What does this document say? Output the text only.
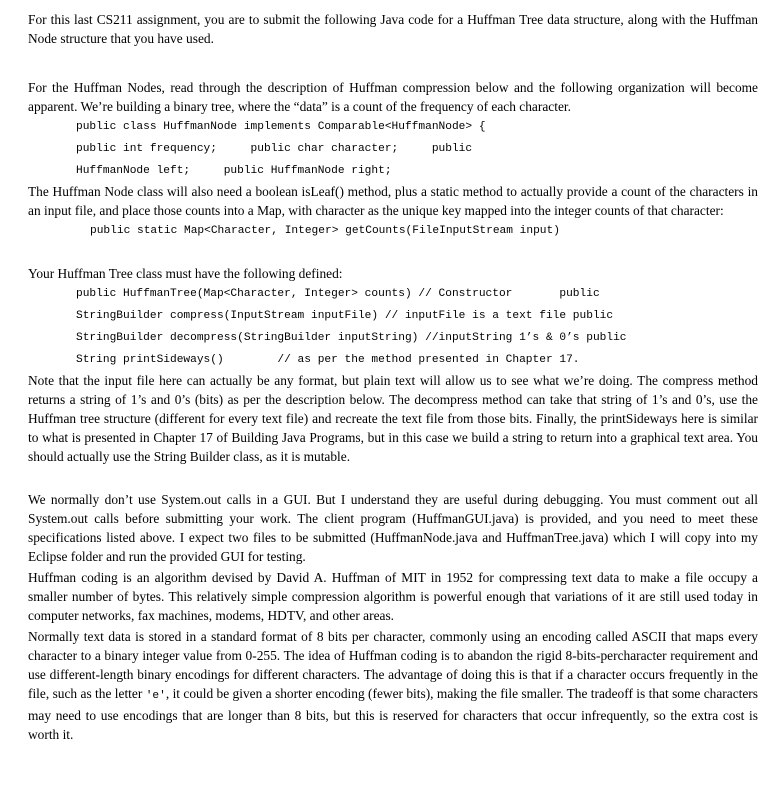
For this last CS211 assignment, you are to submit the following Java code for a Huffman Tree data structure, along with the Huffman Node structure that you have used.

For the Huffman Nodes, read through the description of Huffman compression below and the following organization will become apparent. We’re building a binary tree, where the “data” is a count of the frequency of each character.

public class HuffmanNode implements Comparable<HuffmanNode> {
public int frequency;     public char character;     public
HuffmanNode left;     public HuffmanNode right;

The Huffman Node class will also need a boolean isLeaf() method, plus a static method to actually provide a count of the characters in an input file, and place those counts into a Map, with character as the unique key mapped into the integer counts of that character:

public static Map<Character, Integer> getCounts(FileInputStream input)

Your Huffman Tree class must have the following defined:

public HuffmanTree(Map<Character, Integer> counts) // Constructor       public
StringBuilder compress(InputStream inputFile) // inputFile is a text file public
StringBuilder decompress(StringBuilder inputString) //inputString 1’s & 0’s public
String printSideways()        // as per the method presented in Chapter 17.

Note that the input file here can actually be any format, but plain text will allow us to see what we’re doing. The compress method returns a string of 1’s and 0’s (bits) as per the description below. The decompress method can take that string of 1’s and 0’s, use the Huffman tree structure (different for every text file) and recreate the text file from those bits. Finally, the printSideways here is similar to what is presented in Chapter 17 of Building Java Programs, but in this case we build a string to return into a graphical text area. You should actually use the String Builder class, as it is mutable.

We normally don’t use System.out calls in a GUI. But I understand they are useful during debugging. You must comment out all System.out calls before submitting your work. The client program (HuffmanGUI.java) is provided, and you need to meet these specifications listed above. I expect two files to be submitted (HuffmanNode.java and HuffmanTree.java) which I will copy into my Eclipse folder and run the provided GUI for testing.

Huffman coding is an algorithm devised by David A. Huffman of MIT in 1952 for compressing text data to make a file occupy a smaller number of bytes. This relatively simple compression algorithm is powerful enough that variations of it are still used today in computer networks, fax machines, modems, HDTV, and other areas.

Normally text data is stored in a standard format of 8 bits per character, commonly using an encoding called ASCII that maps every character to a binary integer value from 0-255. The idea of Huffman coding is to abandon the rigid 8-bits-percharacter requirement and use different-length binary encodings for different characters. The advantage of doing this is that if a character occurs frequently in the file, such as the letter 'e', it could be given a shorter encoding (fewer bits), making the file smaller. The tradeoff is that some characters may need to use encodings that are longer than 8 bits, but this is reserved for characters that occur infrequently, so the extra cost is worth it.
